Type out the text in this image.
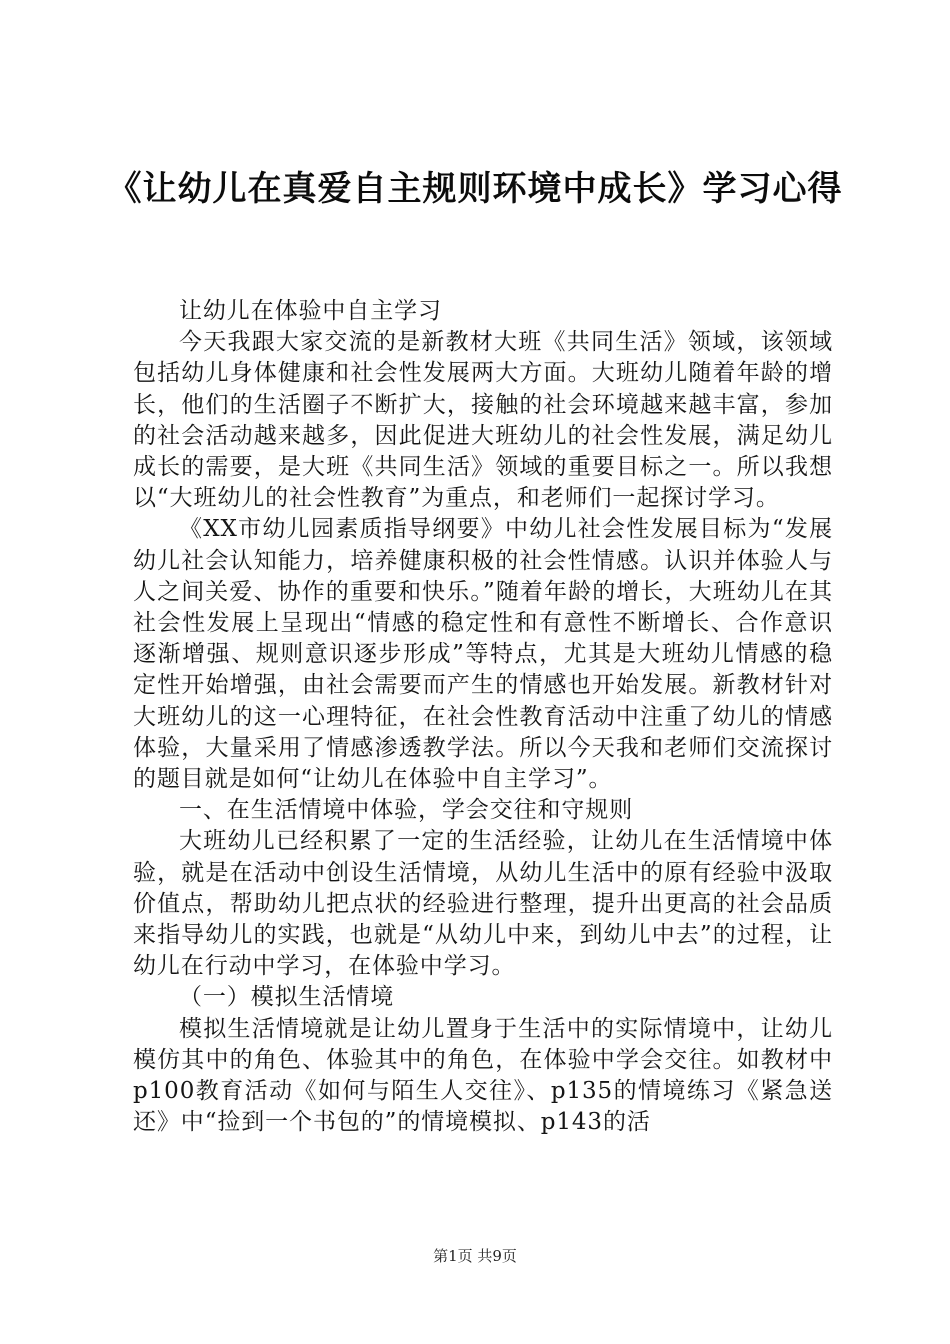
《让幼儿在真爱自主规则环境中成长》学习心得

让幼儿在体验中自主学习

今天我跟大家交流的是新教材大班《共同生活》领域，该领域包括幼儿身体健康和社会性发展两大方面。大班幼儿随着年龄的增长，他们的生活圈子不断扩大，接触的社会环境越来越丰富，参加的社会活动越来越多，因此促进大班幼儿的社会性发展，满足幼儿成长的需要，是大班《共同生活》领域的重要目标之一。所以我想以“大班幼儿的社会性教育”为重点，和老师们一起探讨学习。

《XX市幼儿园素质指导纲要》中幼儿社会性发展目标为“发展幼儿社会认知能力，培养健康积极的社会性情感。认识并体验人与人之间关爱、协作的重要和快乐。”随着年龄的增长，大班幼儿在其社会性发展上呈现出“情感的稳定性和有意性不断增长、合作意识逐渐增强、规则意识逐步形成”等特点，尤其是大班幼儿情感的稳定性开始增强，由社会需要而产生的情感也开始发展。新教材针对大班幼儿的这一心理特征，在社会性教育活动中注重了幼儿的情感体验，大量采用了情感渗透教学法。所以今天我和老师们交流探讨的题目就是如何“让幼儿在体验中自主学习”。

一、在生活情境中体验，学会交往和守规则

大班幼儿已经积累了一定的生活经验，让幼儿在生活情境中体验，就是在活动中创设生活情境，从幼儿生活中的原有经验中汲取价值点，帮助幼儿把点状的经验进行整理，提升出更高的社会品质来指导幼儿的实践，也就是“从幼儿中来，到幼儿中去”的过程，让幼儿在行动中学习，在体验中学习。

（一）模拟生活情境

模拟生活情境就是让幼儿置身于生活中的实际情境中，让幼儿模仿其中的角色、体验其中的角色，在体验中学会交往。如教材中p100教育活动《如何与陌生人交往》、p135的情境练习《紧急送还》中“捡到一个书包的”的情境模拟、p143的活

第1页 共9页
